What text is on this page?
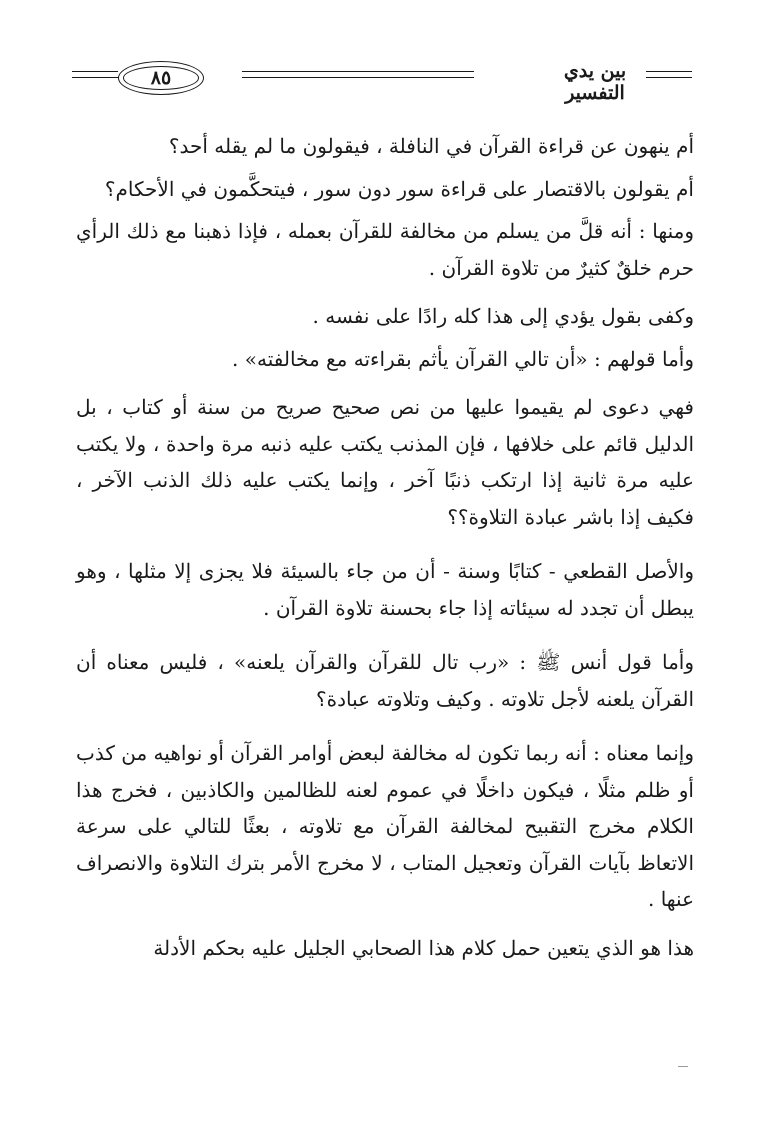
بين يدي التفسير
٨٥

أم ينهون عن قراءة القرآن في النافلة ، فيقولون ما لم يقله أحد؟

أم يقولون بالاقتصار على قراءة سور دون سور ، فيتحكَّمون في الأحكام؟

ومنها : أنه قلَّ من يسلم من مخالفة للقرآن بعمله ، فإذا ذهبنا مع ذلك الرأي حرم خلقٌ كثيرٌ من تلاوة القرآن .

وكفى بقول يؤدي إلى هذا كله رادًا على نفسه .

وأما قولهم : «أن تالي القرآن يأثم بقراءته مع مخالفته» .

فهي دعوى لم يقيموا عليها من نص صحيح صريح من سنة أو كتاب ، بل الدليل قائم على خلافها ، فإن المذنب يكتب عليه ذنبه مرة واحدة ، ولا يكتب عليه مرة ثانية إذا ارتكب ذنبًا آخر ، وإنما يكتب عليه ذلك الذنب الآخر ، فكيف إذا باشر عبادة التلاوة؟؟

والأصل القطعي - كتابًا وسنة - أن من جاء بالسيئة فلا يجزى إلا مثلها ، وهو يبطل أن تجدد له سيئاته إذا جاء بحسنة تلاوة القرآن .

وأما قول أنس ﷺ : «رب تال للقرآن والقرآن يلعنه» ، فليس معناه أن القرآن يلعنه لأجل تلاوته . وكيف وتلاوته عبادة؟

وإنما معناه : أنه ربما تكون له مخالفة لبعض أوامر القرآن أو نواهيه من كذب أو ظلم مثلًا ، فيكون داخلًا في عموم لعنه للظالمين والكاذبين ، فخرج هذا الكلام مخرج التقبيح لمخالفة القرآن مع تلاوته ، بعثًا للتالي على سرعة الاتعاظ بآيات القرآن وتعجيل المتاب ، لا مخرج الأمر بترك التلاوة والانصراف عنها .

هذا هو الذي يتعين حمل كلام هذا الصحابي الجليل عليه بحكم الأدلة
